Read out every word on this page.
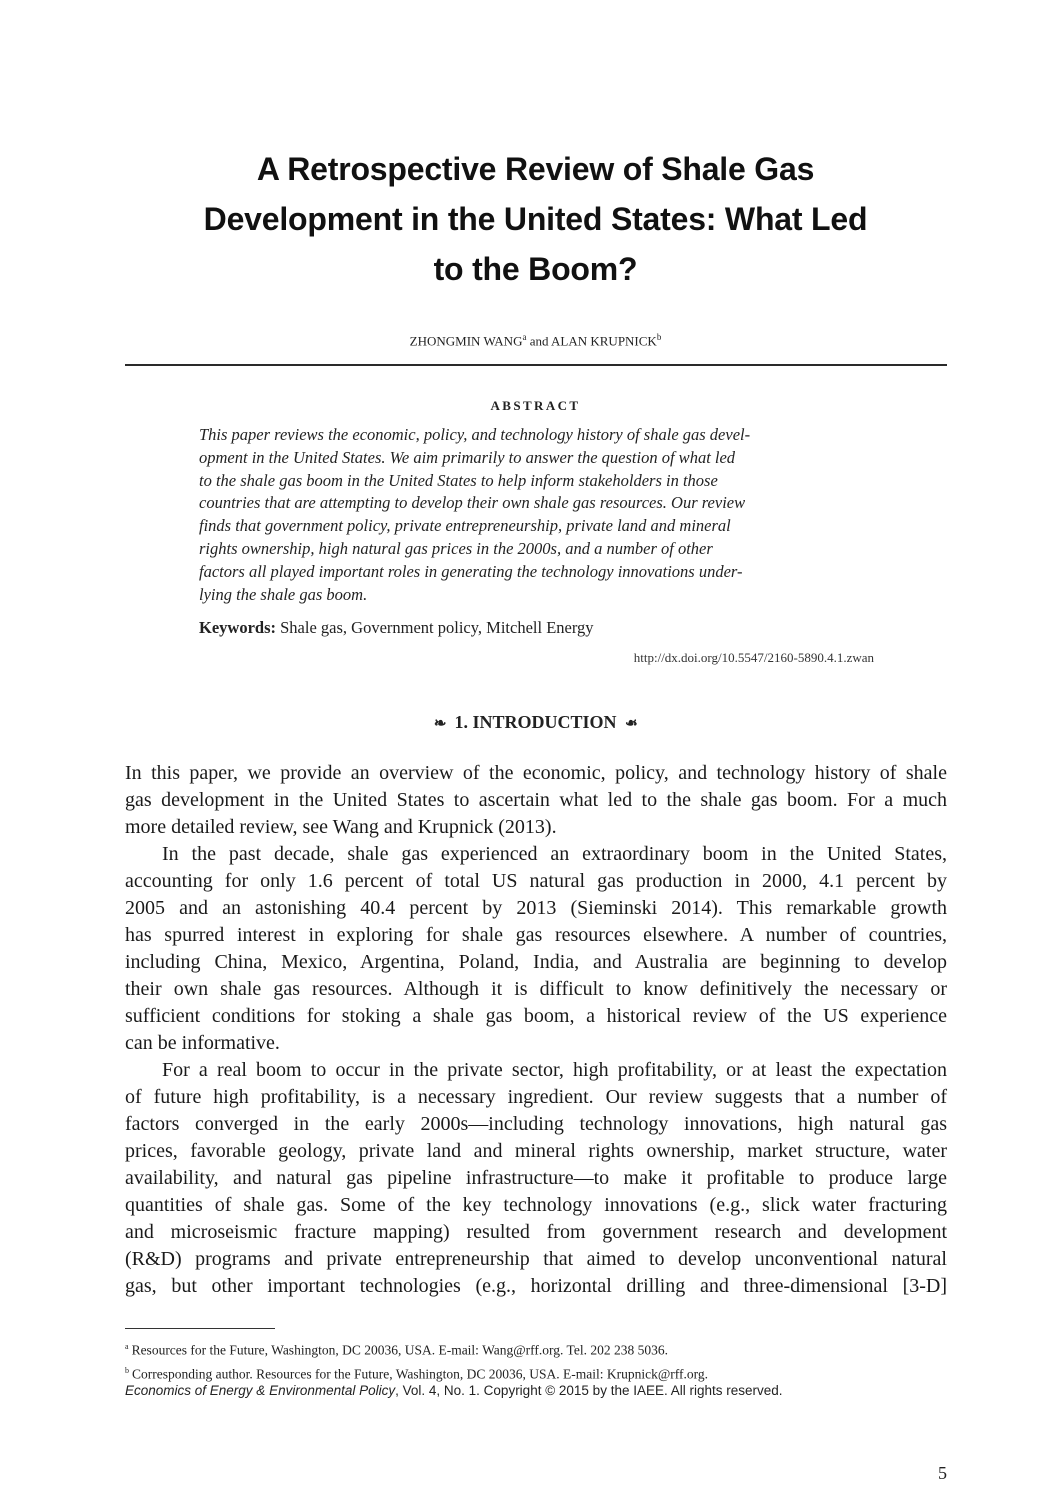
A Retrospective Review of Shale Gas
Development in the United States: What Led
to the Boom?
ZHONGMIN WANG$^a$ and ALAN KRUPNICK$^b$
ABSTRACT
This paper reviews the economic, policy, and technology history of shale gas devel-
opment in the United States. We aim primarily to answer the question of what led
to the shale gas boom in the United States to help inform stakeholders in those
countries that are attempting to develop their own shale gas resources. Our review
finds that government policy, private entrepreneurship, private land and mineral
rights ownership, high natural gas prices in the 2000s, and a number of other
factors all played important roles in generating the technology innovations under-
lying the shale gas boom.
Keywords: Shale gas, Government policy, Mitchell Energy
http://dx.doi.org/10.5547/2160-5890.4.1.zwan
❧ 1. INTRODUCTION ❧
In this paper, we provide an overview of the economic, policy, and technology history of shale
gas development in the United States to ascertain what led to the shale gas boom. For a much
more detailed review, see Wang and Krupnick (2013).
In the past decade, shale gas experienced an extraordinary boom in the United States,
accounting for only 1.6 percent of total US natural gas production in 2000, 4.1 percent by
2005 and an astonishing 40.4 percent by 2013 (Sieminski 2014). This remarkable growth
has spurred interest in exploring for shale gas resources elsewhere. A number of countries,
including China, Mexico, Argentina, Poland, India, and Australia are beginning to develop
their own shale gas resources. Although it is difficult to know definitively the necessary or
sufficient conditions for stoking a shale gas boom, a historical review of the US experience
can be informative.
For a real boom to occur in the private sector, high profitability, or at least the expectation
of future high profitability, is a necessary ingredient. Our review suggests that a number of
factors converged in the early 2000s—including technology innovations, high natural gas
prices, favorable geology, private land and mineral rights ownership, market structure, water
availability, and natural gas pipeline infrastructure—to make it profitable to produce large
quantities of shale gas. Some of the key technology innovations (e.g., slick water fracturing
and microseismic fracture mapping) resulted from government research and development
(R&D) programs and private entrepreneurship that aimed to develop unconventional natural
gas, but other important technologies (e.g., horizontal drilling and three-dimensional [3-D]
$^a$ Resources for the Future, Washington, DC 20036, USA. E-mail: Wang@rff.org. Tel. 202 238 5036.
$^b$ Corresponding author. Resources for the Future, Washington, DC 20036, USA. E-mail: Krupnick@rff.org.
Economics of Energy & Environmental Policy, Vol. 4, No. 1. Copyright © 2015 by the IAEE. All rights reserved.
5
